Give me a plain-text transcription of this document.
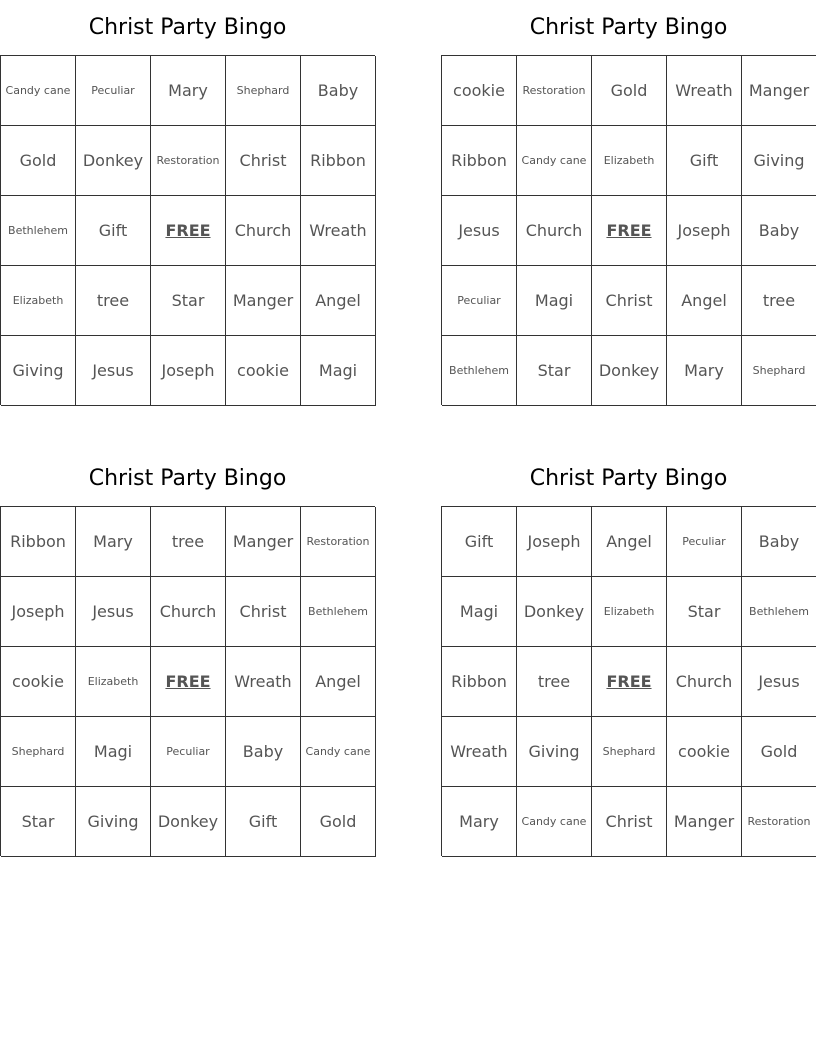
Christ Party Bingo
Candy cane	Peculiar	Mary	Shephard	Baby
Gold	Donkey	Restoration	Christ	Ribbon
Bethlehem	Gift	FREE	Church	Wreath
Elizabeth	tree	Star	Manger	Angel
Giving	Jesus	Joseph	cookie	Magi
Christ Party Bingo
cookie	Restoration	Gold	Wreath	Manger
Ribbon	Candy cane	Elizabeth	Gift	Giving
Jesus	Church	FREE	Joseph	Baby
Peculiar	Magi	Christ	Angel	tree
Bethlehem	Star	Donkey	Mary	Shephard
Christ Party Bingo
Ribbon	Mary	tree	Manger	Restoration
Joseph	Jesus	Church	Christ	Bethlehem
cookie	Elizabeth	FREE	Wreath	Angel
Shephard	Magi	Peculiar	Baby	Candy cane
Star	Giving	Donkey	Gift	Gold
Christ Party Bingo
Gift	Joseph	Angel	Peculiar	Baby
Magi	Donkey	Elizabeth	Star	Bethlehem
Ribbon	tree	FREE	Church	Jesus
Wreath	Giving	Shephard	cookie	Gold
Mary	Candy cane	Christ	Manger	Restoration
